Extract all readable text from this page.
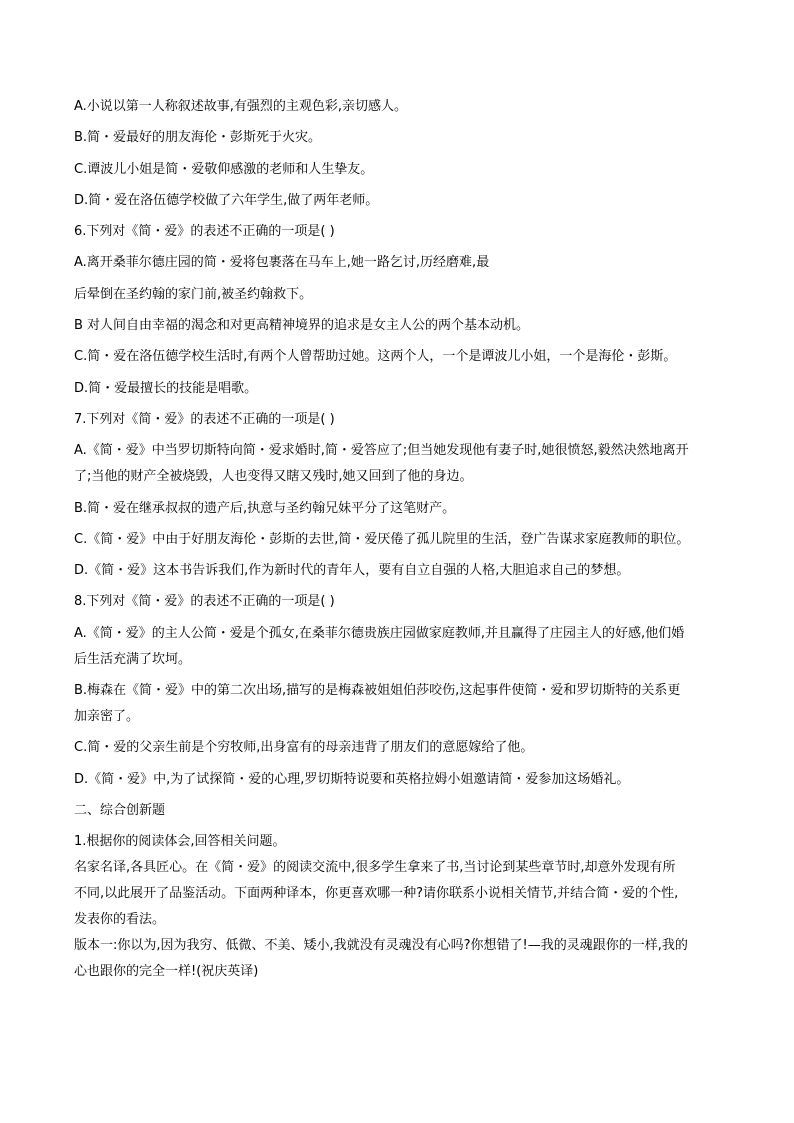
A.小说以第一人称叙述故事,有强烈的主观色彩,亲切感人。
B.简・爱最好的朋友海伦・彭斯死于火灾。
C.谭波儿小姐是简・爱敬仰感激的老师和人生挚友。
D.简・爱在洛伍德学校做了六年学生,做了两年老师。
6.下列对《简・爱》的表述不正确的一项是( )
A.离开桑菲尔德庄园的简・爱将包裹落在马车上,她一路乞讨,历经磨难,最
后晕倒在圣约翰的家门前,被圣约翰救下。
B 对人间自由幸福的渴念和对更高精神境界的追求是女主人公的两个基本动机。
C.简・爱在洛伍德学校生活时,有两个人曾帮助过她。这两个人，一个是谭波儿小姐，一个是海伦・彭斯。
D.简・爱最擅长的技能是唱歌。
7.下列对《简・爱》的表述不正确的一项是( )
A.《简・爱》中当罗切斯特向简・爱求婚时,简・爱答应了;但当她发现他有妻子时,她很愤怒,毅然决然地离开
了;当他的财产全被烧毁，人也变得又瞎又残时,她又回到了他的身边。
B.简・爱在继承叔叔的遗产后,执意与圣约翰兄妹平分了这笔财产。
C.《简・爱》中由于好朋友海伦・彭斯的去世,简・爱厌倦了孤儿院里的生活，登广告谋求家庭教师的职位。
D.《简・爱》这本书告诉我们,作为新时代的青年人，要有自立自强的人格,大胆追求自己的梦想。
8.下列对《简・爱》的表述不正确的一项是( )
A.《简・爱》的主人公简・爱是个孤女,在桑菲尔德贵族庄园做家庭教师,并且赢得了庄园主人的好感,他们婚
后生活充满了坎坷。
B.梅森在《简・爱》中的第二次出场,描写的是梅森被姐姐伯莎咬伤,这起事件使简・爱和罗切斯特的关系更
加亲密了。
C.简・爱的父亲生前是个穷牧师,出身富有的母亲违背了朋友们的意愿嫁给了他。
D.《简・爱》中,为了试探简・爱的心理,罗切斯特说要和英格拉姆小姐邀请简・爱参加这场婚礼。
二、综合创新题
1.根据你的阅读体会,回答相关问题。
名家名译,各具匠心。在《简・爱》的阅读交流中,很多学生拿来了书,当讨论到某些章节时,却意外发现有所
不同,以此展开了品鉴活动。下面两种译本，你更喜欢哪一种?请你联系小说相关情节,并结合简・爱的个性,
发表你的看法。
版本一:你以为,因为我穷、低微、不美、矮小,我就没有灵魂没有心吗?你想错了!—我的灵魂跟你的一样,我的
心也跟你的完全一样!(祝庆英译)
